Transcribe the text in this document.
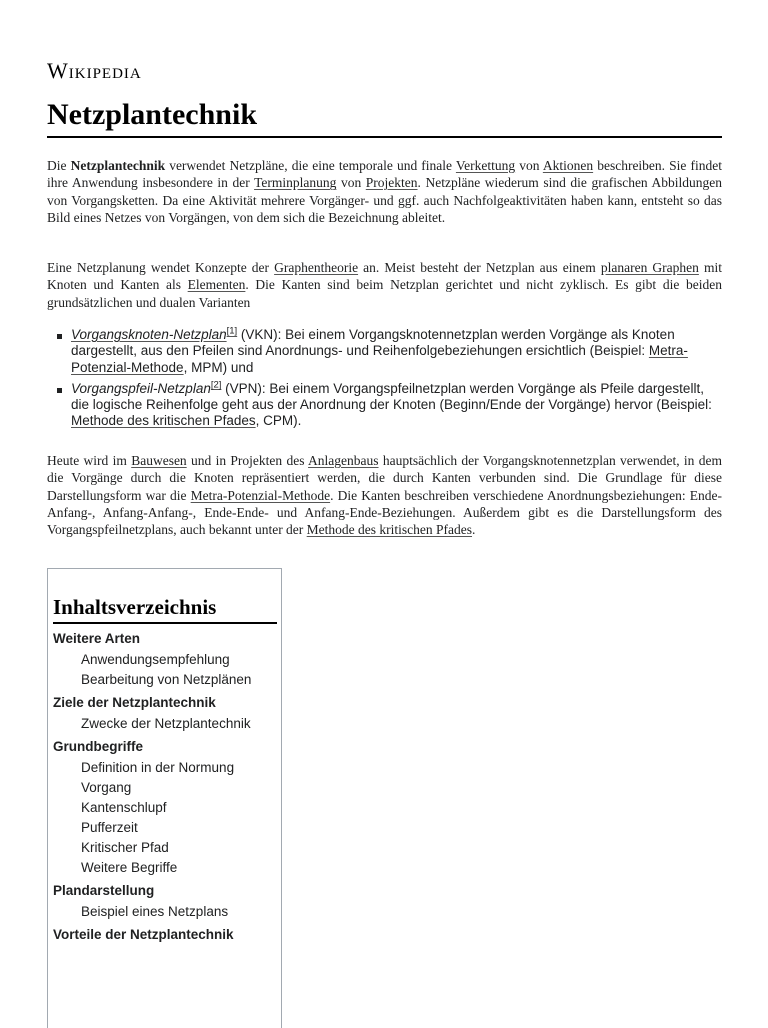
Wikipedia
Netzplantechnik

Die Netzplantechnik verwendet Netzpläne, die eine temporale und finale Verkettung von Aktionen beschreiben. Sie findet ihre Anwendung insbesondere in der Terminplanung von Projekten. Netzpläne wiederum sind die grafischen Abbildungen von Vorgangsketten. Da eine Aktivität mehrere Vorgänger- und ggf. auch Nachfolgeaktivitäten haben kann, entsteht so das Bild eines Netzes von Vorgängen, von dem sich die Bezeichnung ableitet.

Eine Netzplanung wendet Konzepte der Graphentheorie an. Meist besteht der Netzplan aus einem planaren Graphen mit Knoten und Kanten als Elementen. Die Kanten sind beim Netzplan gerichtet und nicht zyklisch. Es gibt die beiden grundsätzlichen und dualen Varianten

Vorgangsknoten-Netzplan[1] (VKN): Bei einem Vorgangsknotennetzplan werden Vorgänge als Knoten dargestellt, aus den Pfeilen sind Anordnungs- und Reihenfolgebeziehungen ersichtlich (Beispiel: Metra-Potenzial-Methode, MPM) und
Vorgangspfeil-Netzplan[2] (VPN): Bei einem Vorgangspfeilnetzplan werden Vorgänge als Pfeile dargestellt, die logische Reihenfolge geht aus der Anordnung der Knoten (Beginn/Ende der Vorgänge) hervor (Beispiel: Methode des kritischen Pfades, CPM).

Heute wird im Bauwesen und in Projekten des Anlagenbaus hauptsächlich der Vorgangsknotennetzplan verwendet, in dem die Vorgänge durch die Knoten repräsentiert werden, die durch Kanten verbunden sind. Die Grundlage für diese Darstellungsform war die Metra-Potenzial-Methode. Die Kanten beschreiben verschiedene Anordnungsbeziehungen: Ende-Anfang-, Anfang-Anfang-, Ende-Ende- und Anfang-Ende-Beziehungen. Außerdem gibt es die Darstellungsform des Vorgangspfeilnetzplans, auch bekannt unter der Methode des kritischen Pfades.

Inhaltsverzeichnis
Weitere Arten
Anwendungsempfehlung
Bearbeitung von Netzplänen
Ziele der Netzplantechnik
Zwecke der Netzplantechnik
Grundbegriffe
Definition in der Normung
Vorgang
Kantenschlupf
Pufferzeit
Kritischer Pfad
Weitere Begriffe
Plandarstellung
Beispiel eines Netzplans
Vorteile der Netzplantechnik
